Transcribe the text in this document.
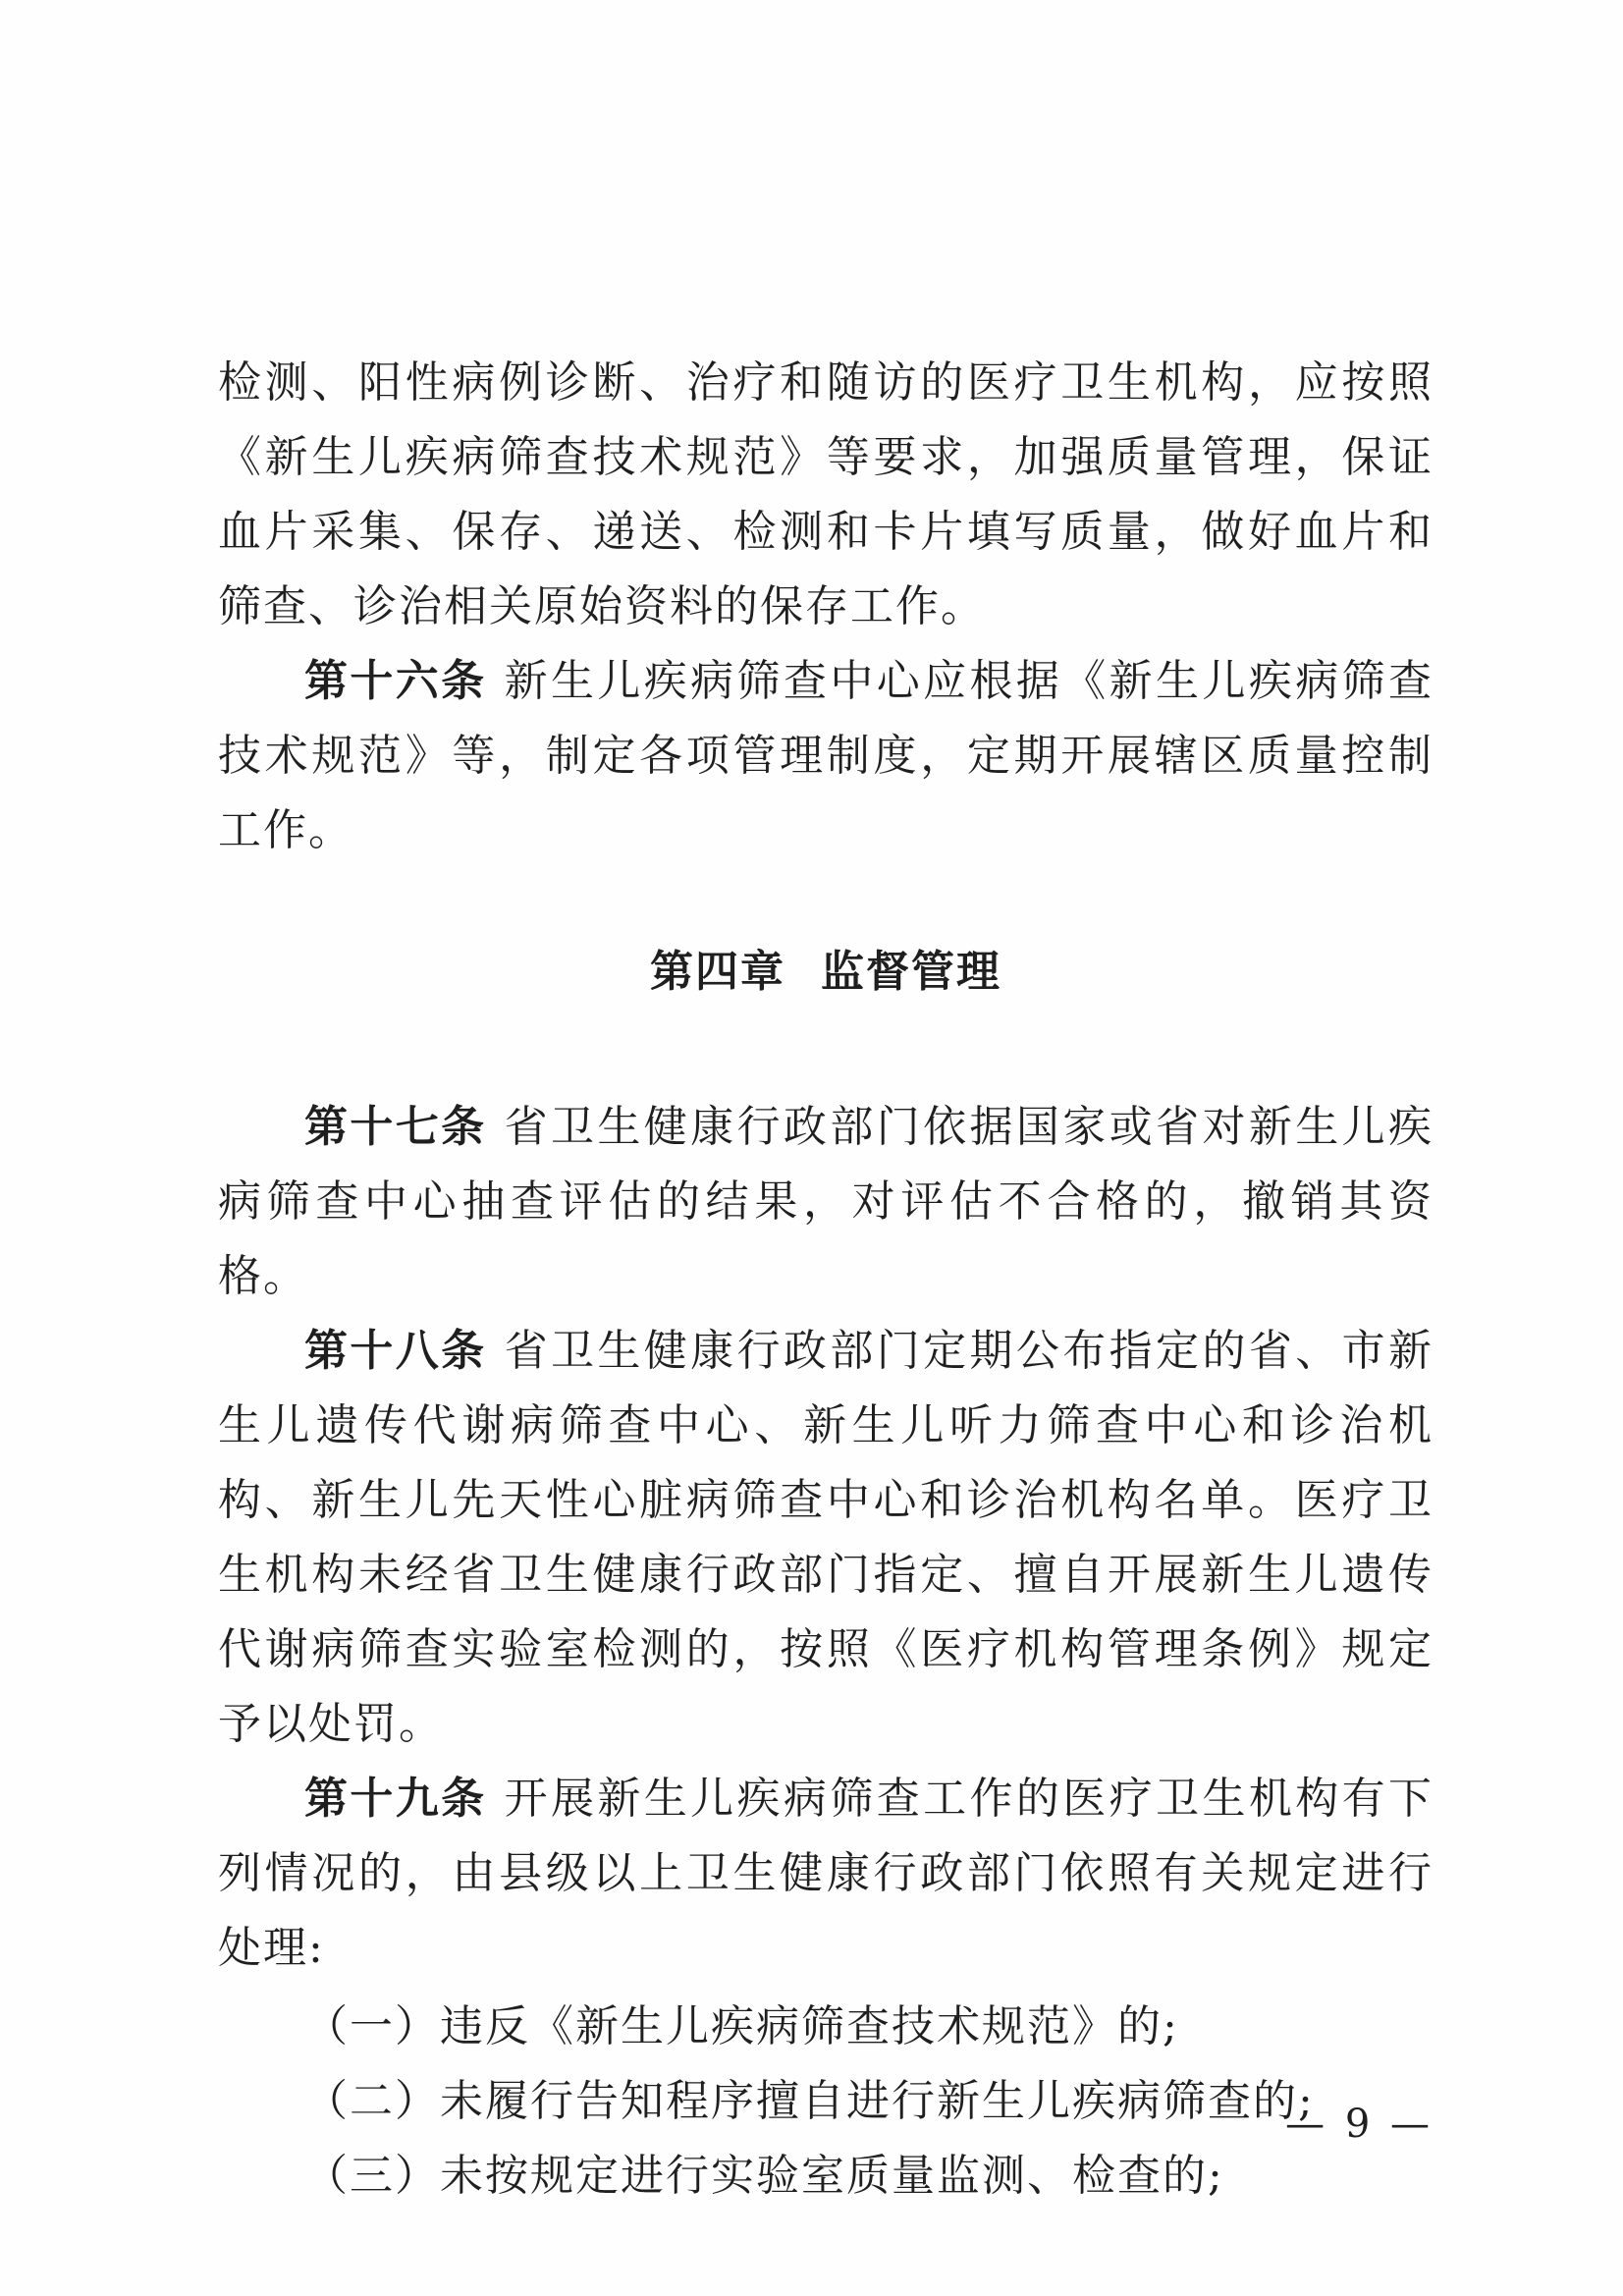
检测、阳性病例诊断、治疗和随访的医疗卫生机构，应按照《新生儿疾病筛查技术规范》等要求，加强质量管理，保证血片采集、保存、递送、检测和卡片填写质量，做好血片和筛查、诊治相关原始资料的保存工作。

第十六条 新生儿疾病筛查中心应根据《新生儿疾病筛查技术规范》等，制定各项管理制度，定期开展辖区质量控制工作。

第四章 监督管理

第十七条 省卫生健康行政部门依据国家或省对新生儿疾病筛查中心抽查评估的结果，对评估不合格的，撤销其资格。

第十八条 省卫生健康行政部门定期公布指定的省、市新生儿遗传代谢病筛查中心、新生儿听力筛查中心和诊治机构、新生儿先天性心脏病筛查中心和诊治机构名单。医疗卫生机构未经省卫生健康行政部门指定、擅自开展新生儿遗传代谢病筛查实验室检测的，按照《医疗机构管理条例》规定予以处罚。

第十九条 开展新生儿疾病筛查工作的医疗卫生机构有下列情况的，由县级以上卫生健康行政部门依照有关规定进行处理:

（一）违反《新生儿疾病筛查技术规范》的;

（二）未履行告知程序擅自进行新生儿疾病筛查的;

（三）未按规定进行实验室质量监测、检查的;

— 9 —
